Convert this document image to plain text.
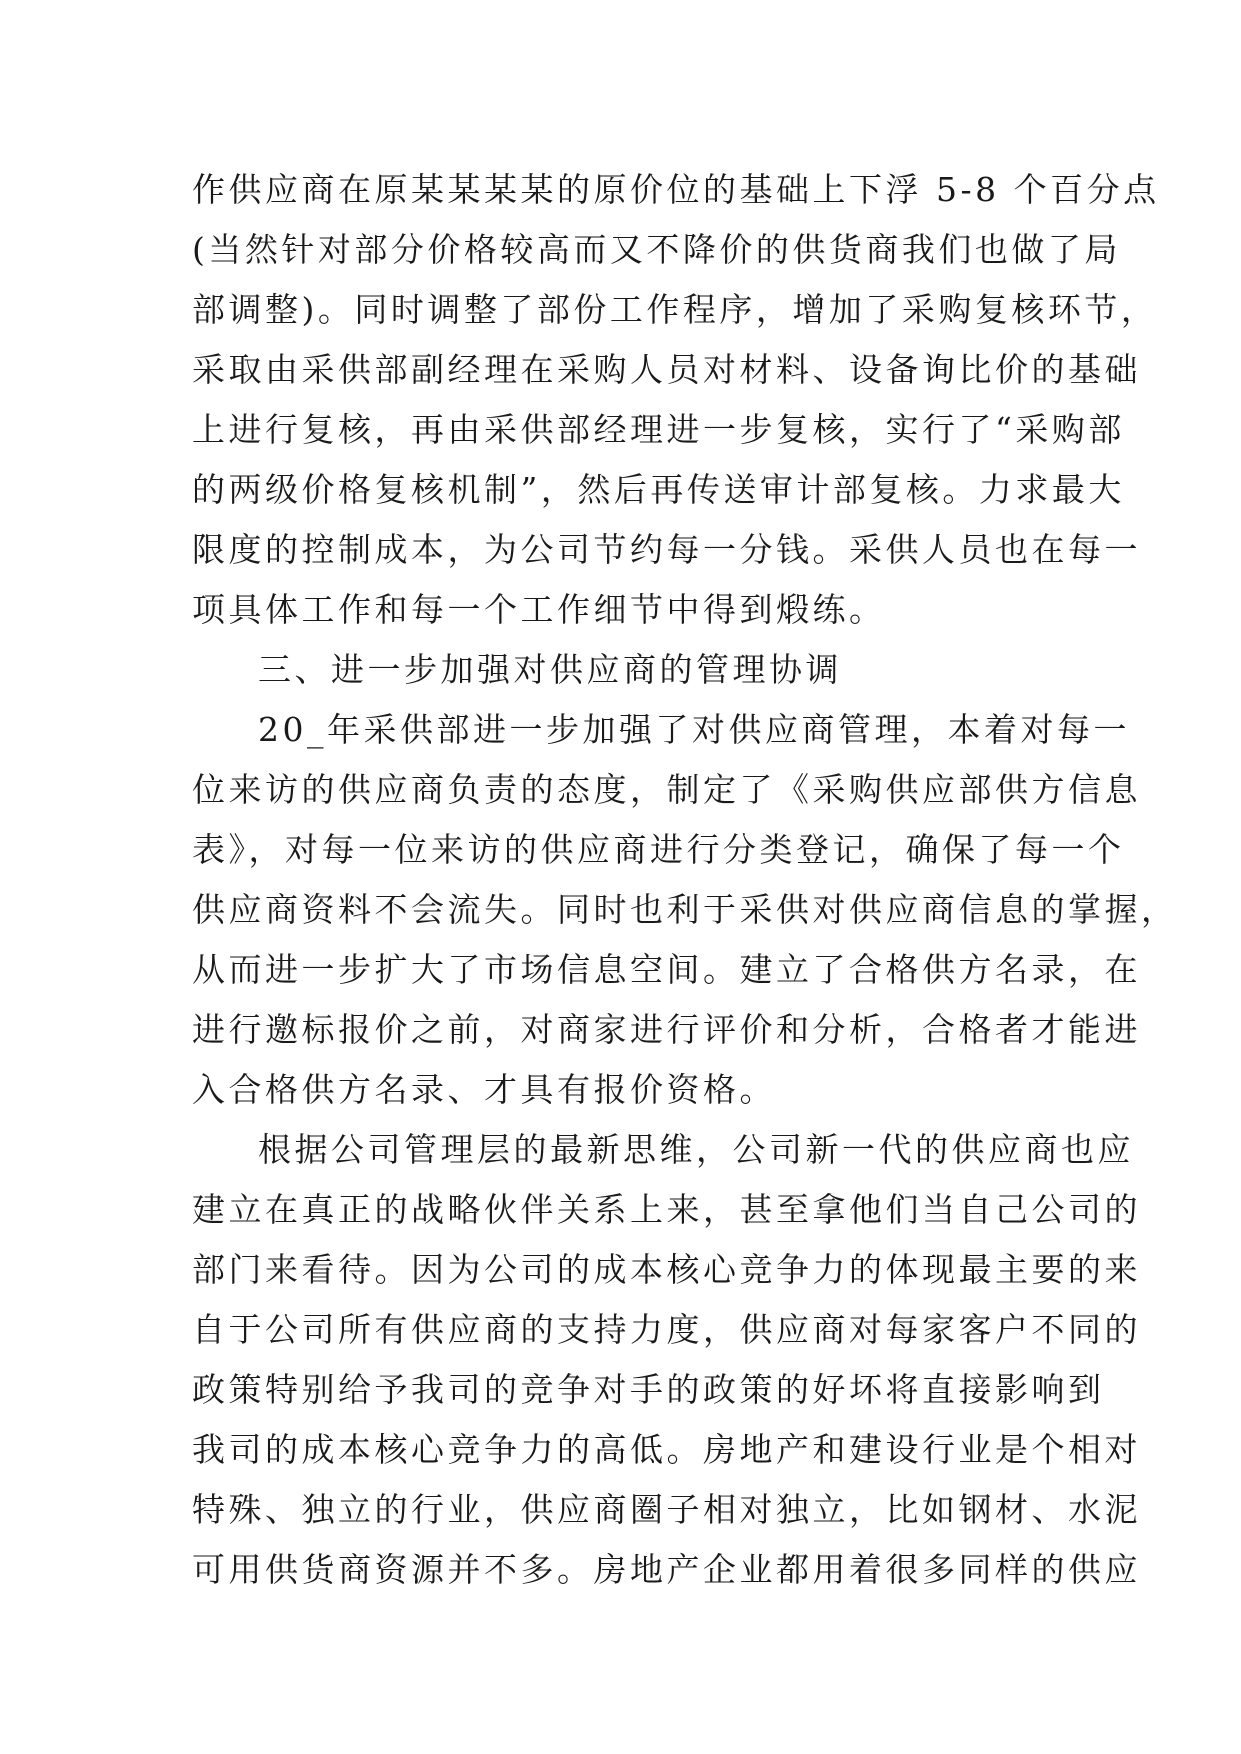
作供应商在原某某某某的原价位的基础上下浮 5-8 个百分点
(当然针对部分价格较高而又不降价的供货商我们也做了局
部调整)。同时调整了部份工作程序，增加了采购复核环节，
采取由采供部副经理在采购人员对材料、设备询比价的基础
上进行复核，再由采供部经理进一步复核，实行了“采购部
的两级价格复核机制”，然后再传送审计部复核。力求最大
限度的控制成本，为公司节约每一分钱。采供人员也在每一
项具体工作和每一个工作细节中得到煅练。
三、进一步加强对供应商的管理协调
20_年采供部进一步加强了对供应商管理，本着对每一
位来访的供应商负责的态度，制定了《采购供应部供方信息
表》，对每一位来访的供应商进行分类登记，确保了每一个
供应商资料不会流失。同时也利于采供对供应商信息的掌握，
从而进一步扩大了市场信息空间。建立了合格供方名录，在
进行邀标报价之前，对商家进行评价和分析，合格者才能进
入合格供方名录、才具有报价资格。
根据公司管理层的最新思维，公司新一代的供应商也应
建立在真正的战略伙伴关系上来，甚至拿他们当自己公司的
部门来看待。因为公司的成本核心竞争力的体现最主要的来
自于公司所有供应商的支持力度，供应商对每家客户不同的
政策特别给予我司的竞争对手的政策的好坏将直接影响到
我司的成本核心竞争力的高低。房地产和建设行业是个相对
特殊、独立的行业，供应商圈子相对独立，比如钢材、水泥
可用供货商资源并不多。房地产企业都用着很多同样的供应
